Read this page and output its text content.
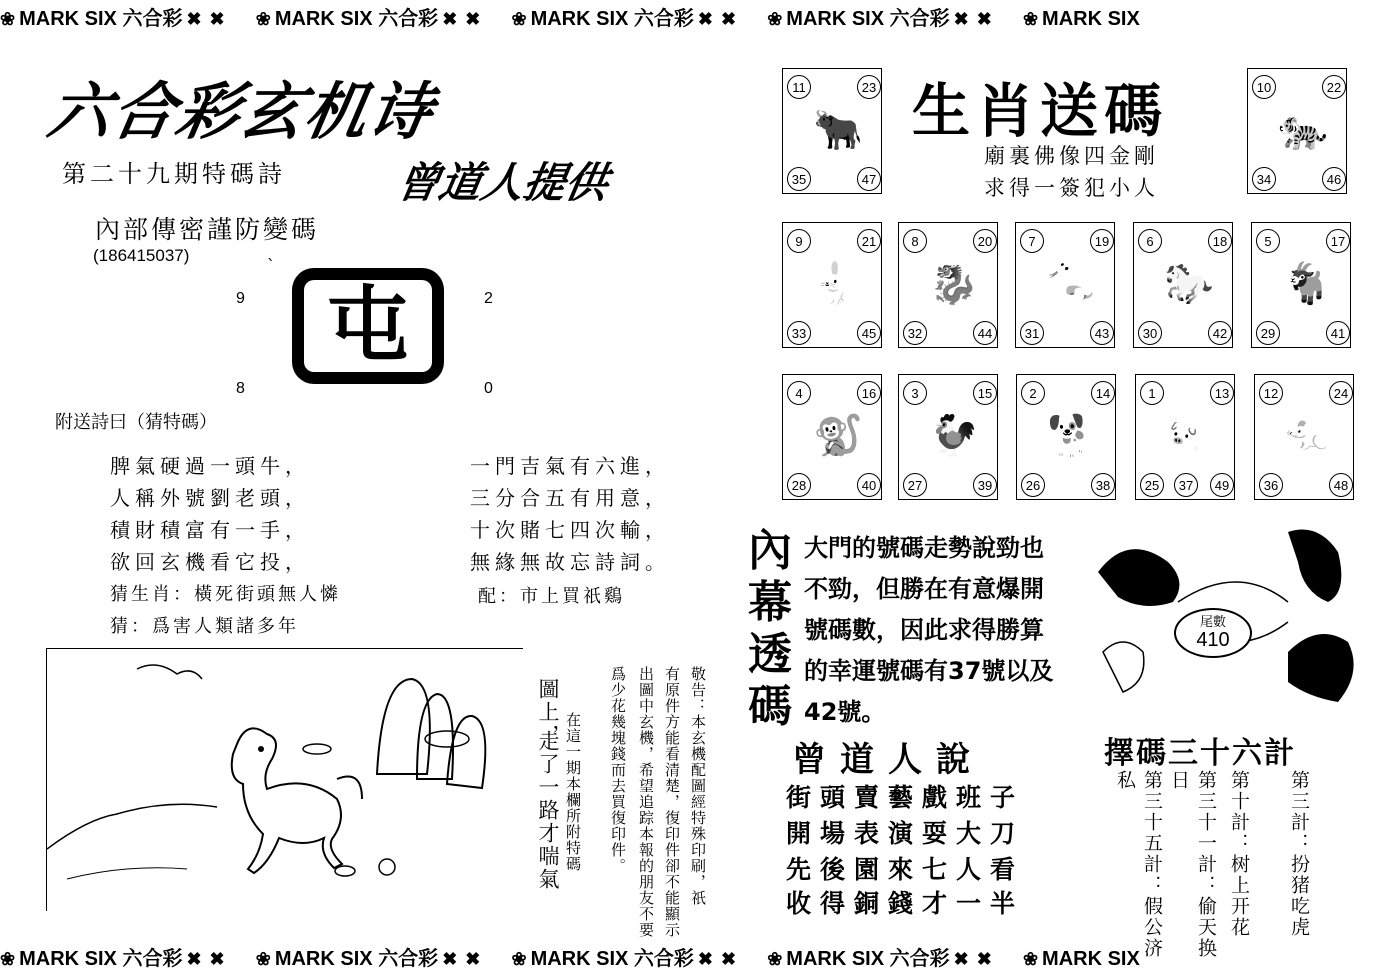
❀ MARK SIX 六合彩 ✖ ✖ ❀ MARK SIX 六合彩 ✖ ✖ ❀ MARK SIX 六合彩 ✖ ✖ ❀ MARK SIX 六合彩 ✖ ✖ ❀ MARK SIX
❀ MARK SIX 六合彩 ✖ ✖ ❀ MARK SIX 六合彩 ✖ ✖ ❀ MARK SIX 六合彩 ✖ ✖ ❀ MARK SIX 六合彩 ✖ ✖ ❀ MARK SIX
六合彩玄机诗
第二十九期特碼詩	曾道人提供
內部傳密謹防變碼
(186415037)
ˋ
9	2
8	0
屯
附送詩曰（猜特碼）
脾氣硬過一頭牛，
人稱外號劉老頭，
積財積富有一手，
欲回玄機看它投，
猜生肖：橫死街頭無人憐
猜：爲害人類諸多年
一門吉氣有六進，
三分合五有用意，
十次賭七四次輸，
無緣無故忘詩詞。
配：市上買祇鷄
圖上，
走了一路才喘氣 在這一期本欄所附特碼	敬告：本玄機配圖經特殊印刷，祇
有原件方能看清楚，復印件卻不能顯示
出圖中玄機，希望追踪本報的朋友不要
爲少花幾塊錢而去買復印件。
生肖送碼
廟裏佛像四金剛
求得一簽犯小人
11	23
35	47
🐂
10	22
34	46
🐅
9	21
33	45
🐇
8	20
32	44
🐉
7	19
31	43
🐍
6	18
30	42
🐎
5	17
29	41
🐐
4	16
28	40
🐒
3	15
27	39
🐓
2	14
26	38
🐕
1	13
25	37	49
🐖
12	24
36	48
🐀
內
幕
透
碼
大門的號碼走勢說勁也
不勁，但勝在有意爆開
號碼數，因此求得勝算
的幸運號碼有37號以及
42號。
尾數
410
曾道人說
街頭賣藝戲班子
開場表演耍大刀
先後園來七人看
收得銅錢才一半
擇碼三十六計
第三計：扮猪吃虎
第十計：树上开花
第三十一計：偷天换日
第三十五計：假公济私
